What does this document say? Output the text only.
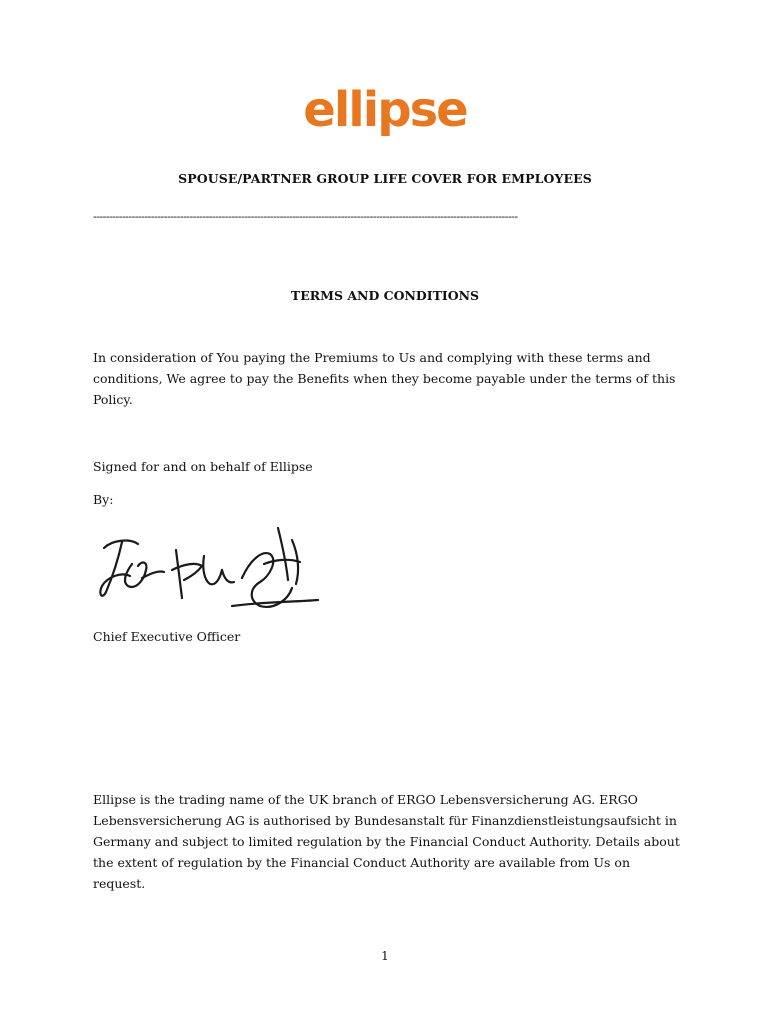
ellipse
SPOUSE/PARTNER GROUP LIFE COVER FOR EMPLOYEES
------------------------------------------------------------------------------------------------------------------------------------
TERMS AND CONDITIONS

In consideration of You paying the Premiums to Us and complying with these terms and conditions, We agree to pay the Benefits when they become payable under the terms of this Policy.

Signed for and on behalf of Ellipse

By:

Chief Executive Officer

Ellipse is the trading name of the UK branch of ERGO Lebensversicherung AG. ERGO Lebensversicherung AG is authorised by Bundesanstalt für Finanzdienstleistungsaufsicht in Germany and subject to limited regulation by the Financial Conduct Authority. Details about the extent of regulation by the Financial Conduct Authority are available from Us on request.

1
